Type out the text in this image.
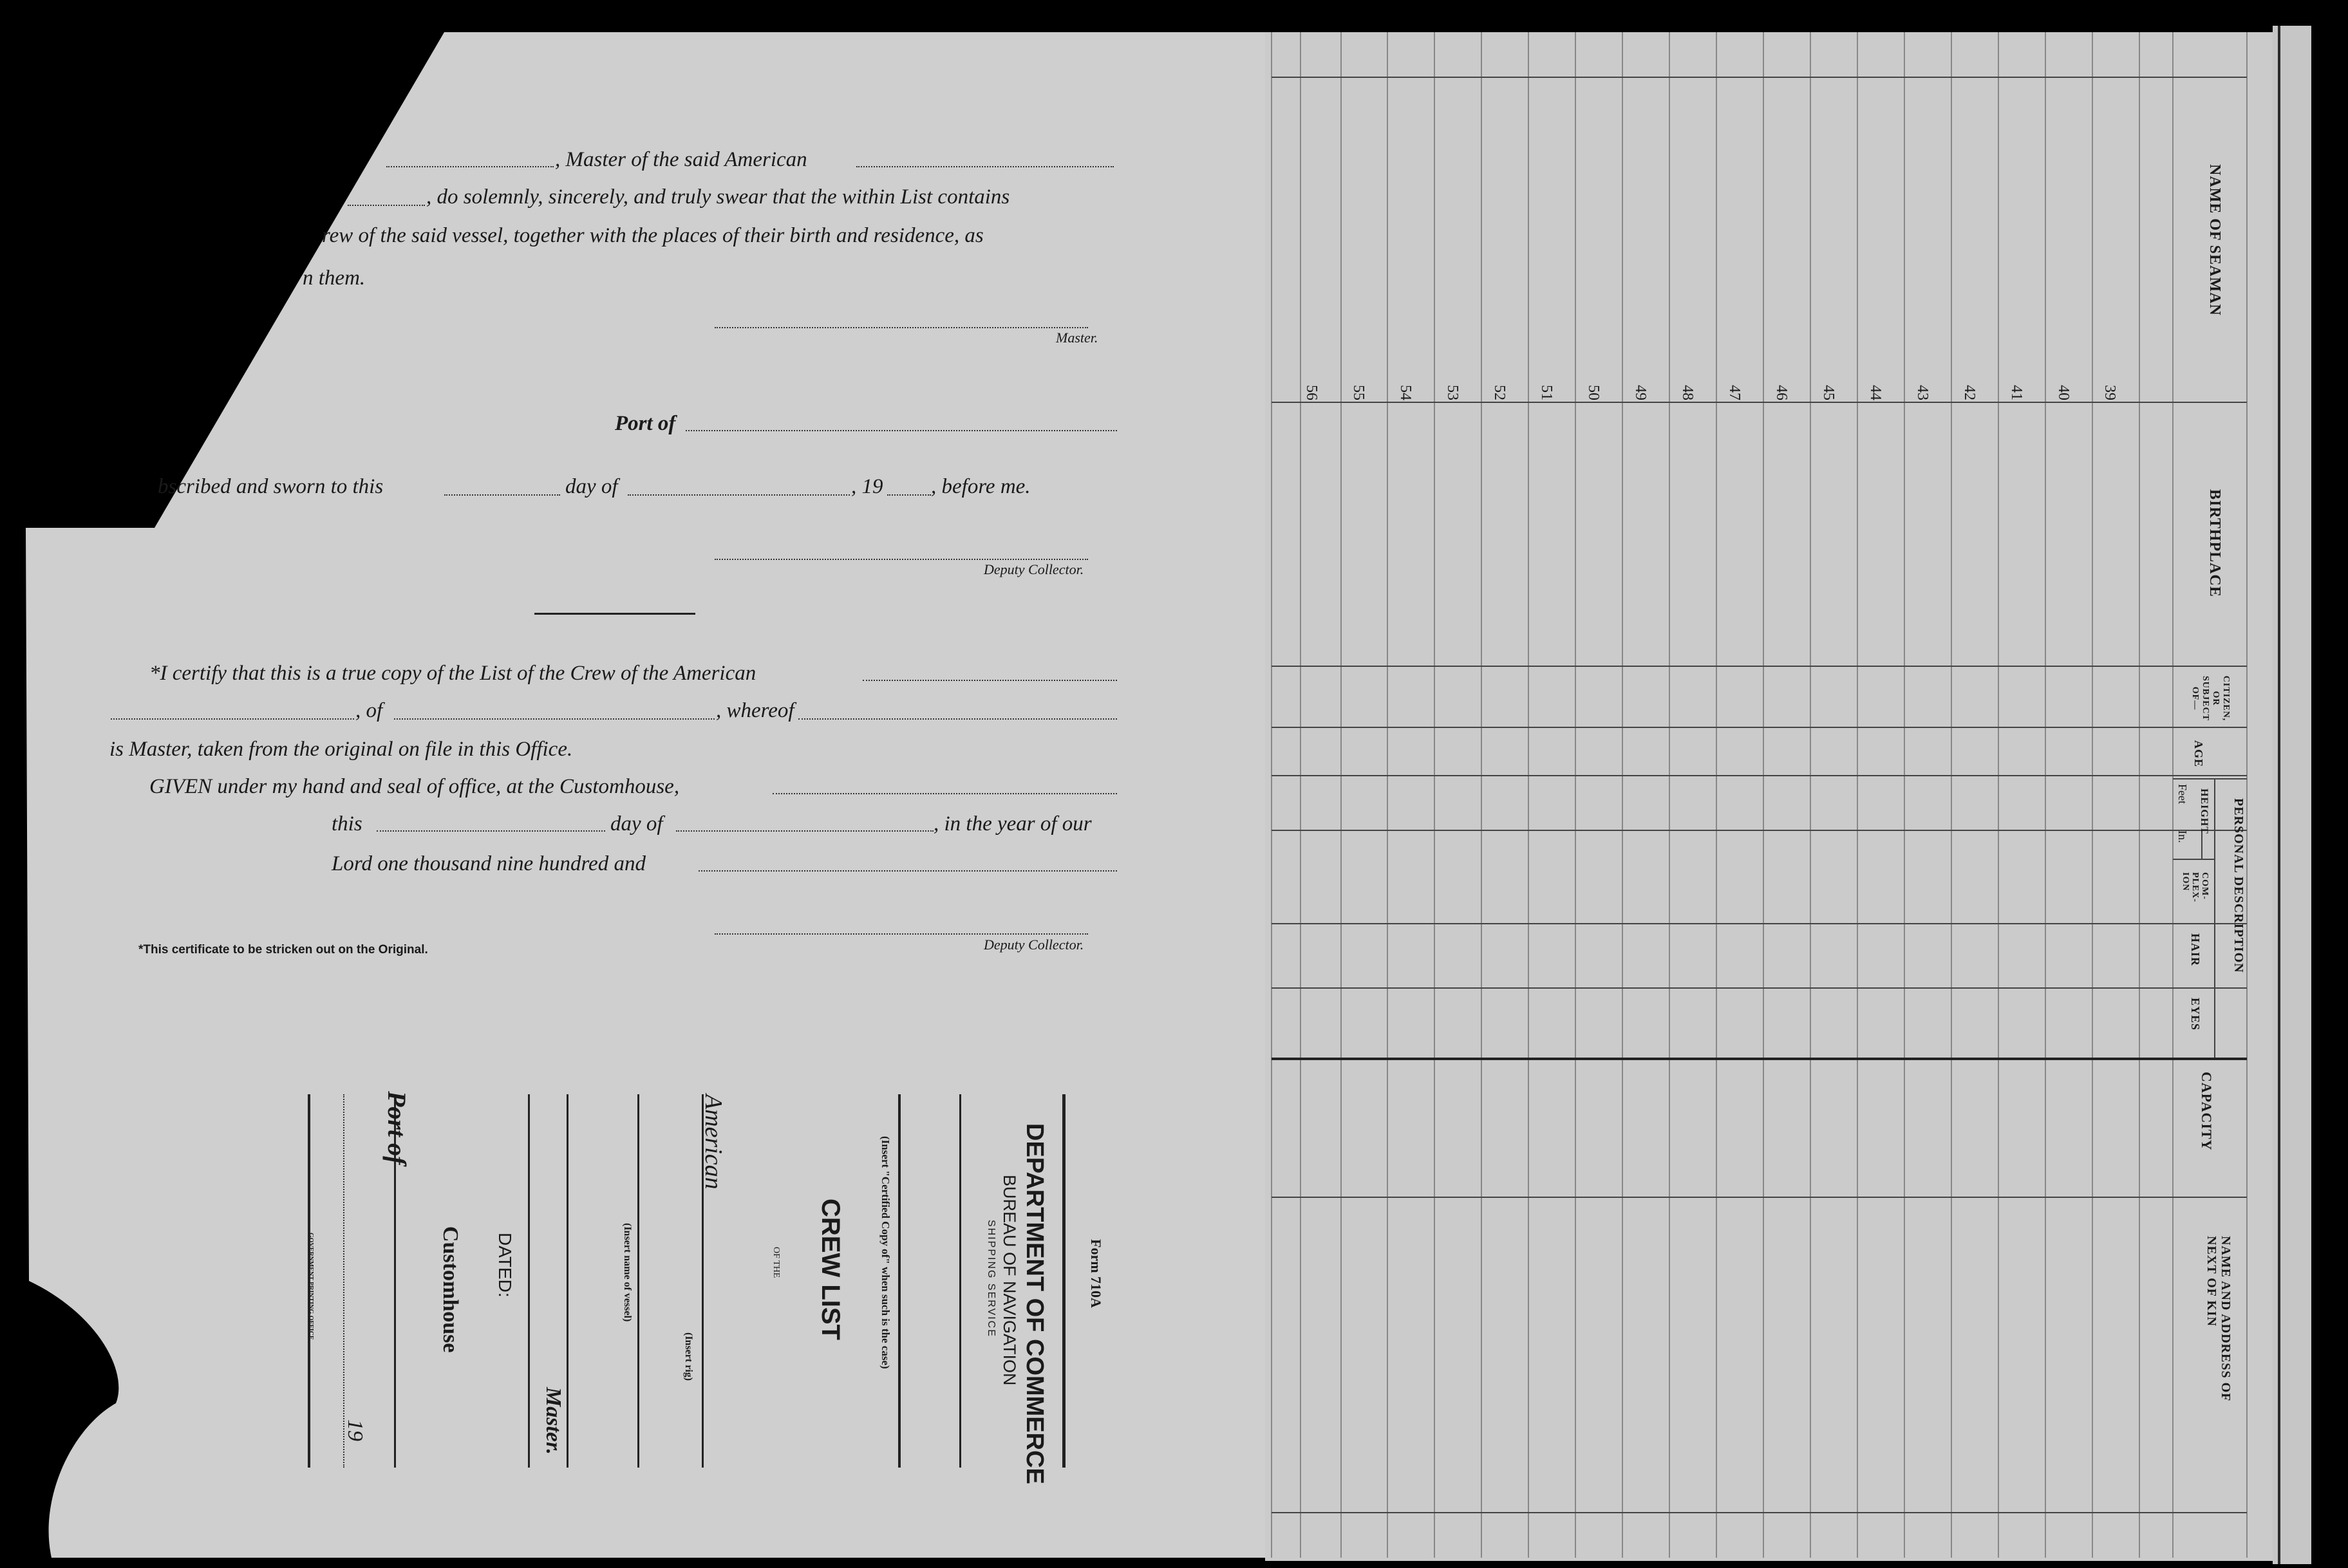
, Master of the said American
, do solemnly, sincerely, and truly swear that the within List contains
rew of the said vessel, together with the places of their birth and residence, as
n them.
Master.
Port of
bscribed and sworn to this	day of	, 19 , before me.
Deputy Collector.
*I certify that this is a true copy of the List of the Crew of the American
, of	, whereof
is Master, taken from the original on file in this Office.
GIVEN under my hand and seal of office, at the Customhouse,
this	day of	, in the year of our
Lord one thousand nine hundred and
Deputy Collector.
*This certificate to be stricken out on the Original.
Form 710A
DEPARTMENT OF COMMERCE
BUREAU OF NAVIGATION
SHIPPING SERVICE
(Insert "Certified Copy of" when such is the case)
CREW LIST
OF THE
American
(Insert rig)
(Insert name of vessel)
Master.
DATED:
Customhouse
Port of
19
GOVERNMENT PRINTING OFFICE
NAME OF SEAMAN
BIRTHPLACE
CITIZEN, OR SUBJECT OF—
AGE
PERSONAL DESCRIPTION
HEIGHT
Feet
In.
COM-PLEX-ION
HAIR
EYES
CAPACITY
NAME AND ADDRESS OF NEXT OF KIN
39
40
41
42
43
44
45
46
47
48
49
50
51
52
53
54
55
56
